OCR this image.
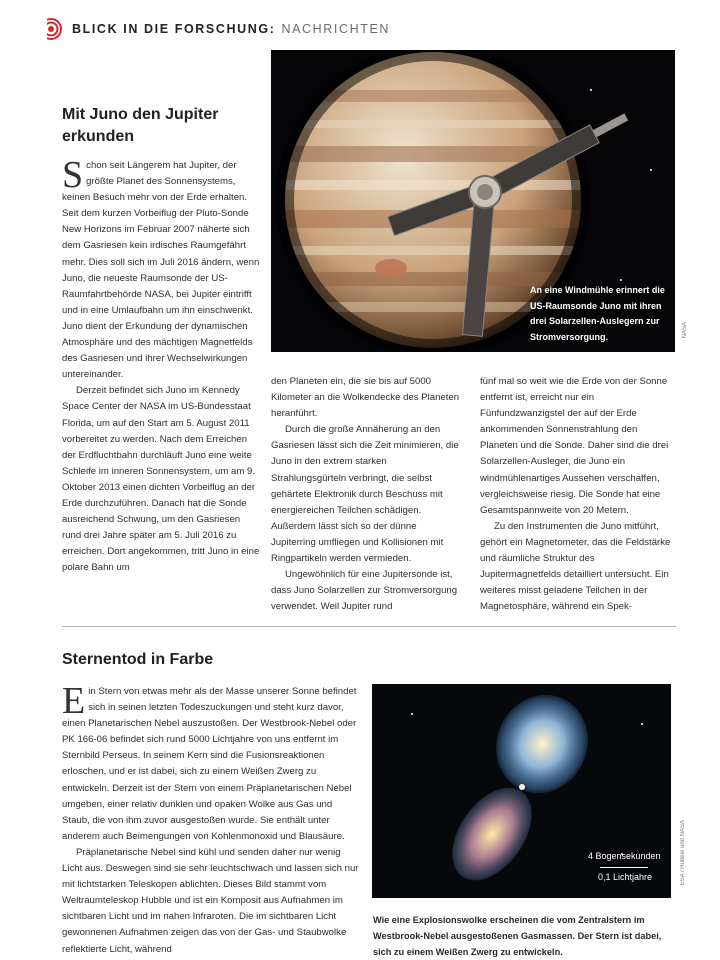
BLICK IN DIE FORSCHUNG: NACHRICHTEN
Mit Juno den Jupiter
erkunden

Schon seit Längerem hat Jupiter, der größte Planet des Sonnensystems, keinen Besuch mehr von der Erde erhalten. Seit dem kurzen Vorbeiflug der Pluto-Sonde New Horizons im Februar 2007 näherte sich dem Gasriesen kein irdisches Raumgefährt mehr. Dies soll sich im Juli 2016 ändern, wenn Juno, die neueste Raumsonde der US-Raumfahrtbehörde NASA, bei Jupiter eintrifft und in eine Umlaufbahn um ihn einschwenkt. Juno dient der Erkundung der dynamischen Atmosphäre und des mächtigen Magnetfelds des Gasriesen und ihrer Wechselwirkungen untereinander.

Derzeit befindet sich Juno im Kennedy Space Center der NASA im US-Bundesstaat Florida, um auf den Start am 5. August 2011 vorbereitet zu werden. Nach dem Erreichen der Erdfluchtbahn durchläuft Juno eine weite Schleife im inneren Sonnensystem, um am 9. Oktober 2013 einen dichten Vorbeiflug an der Erde durchzuführen. Danach hat die Sonde ausreichend Schwung, um den Gasriesen rund drei Jahre später am 5. Juli 2016 zu erreichen. Dort angekommen, tritt Juno in eine polare Bahn um

den Planeten ein, die sie bis auf 5000 Kilometer an die Wolkendecke des Planeten heranführt.

Durch die große Annäherung an den Gasriesen lässt sich die Zeit minimieren, die Juno in den extrem starken Strahlungsgürteln verbringt, die selbst gehärtete Elektronik durch Beschuss mit energiereichen Teilchen schädigen. Außerdem lässt sich so der dünne Jupiterring umfliegen und Kollisionen mit Ringpartikeln werden vermieden.

Ungewöhnlich für eine Jupitersonde ist, dass Juno Solarzellen zur Stromversorgung verwendet. Weil Jupiter rund

fünf mal so weit wie die Erde von der Sonne entfernt ist, erreicht nur ein Fünfundzwanzigstel der auf der Erde ankommenden Sonnenstrahlung den Planeten und die Sonde. Daher sind die drei Solarzellen-Ausleger, die Juno ein windmühlenartiges Aussehen verschaffen, vergleichsweise riesig. Die Sonde hat eine Gesamtspannweite von 20 Metern.

Zu den Instrumenten die Juno mitführt, gehört ein Magnetometer, das die Feldstärke und räumliche Struktur des Jupitermagnetfelds detailliert untersucht. Ein weiteres misst geladene Teilchen in der Magnetosphäre, während ein Spek-

An eine Windmühle erinnert die US-Raumsonde Juno mit ihren drei Solarzellen-Auslegern zur Stromversorgung.	NASA
Sternentod in Farbe

Ein Stern von etwas mehr als der Masse unserer Sonne befindet sich in seinen letzten Todeszuckungen und steht kurz davor, einen Planetarischen Nebel auszustoßen. Der Westbrook-Nebel oder PK 166-06 befindet sich rund 5000 Lichtjahre von uns entfernt im Sternbild Perseus. In seinem Kern sind die Fusionsreaktionen erloschen, und er ist dabei, sich zu einem Weißen Zwerg zu entwickeln. Derzeit ist der Stern von einem Präplanetarischen Nebel umgeben, einer relativ dunklen und opaken Wolke aus Gas und Staub, die von ihm zuvor ausgestoßen wurde. Sie enthält unter anderem auch Beimengungen von Kohlenmonoxid und Blausäure.

Präplanetarische Nebel sind kühl und senden daher nur wenig Licht aus. Deswegen sind sie sehr leuchtschwach und lassen sich nur mit lichtstarken Teleskopen ablichten. Dieses Bild stammt vom Weltraumteleskop Hubble und ist ein Komposit aus Aufnahmen im sichtbaren Licht und im nahen Infraroten. Die im sichtbaren Licht gewonnenen Aufnahmen zeigen das von der Gas- und Staubwolke reflektierte Licht, während

4 Bogensekunden
0,1 Lichtjahre	ESA / Hubble und NASA
Wie eine Explosionswolke erscheinen die vom Zentralstern im Westbrook-Nebel ausgestoßenen Gasmassen. Der Stern ist dabei, sich zu einem Weißen Zwerg zu entwickeln.
